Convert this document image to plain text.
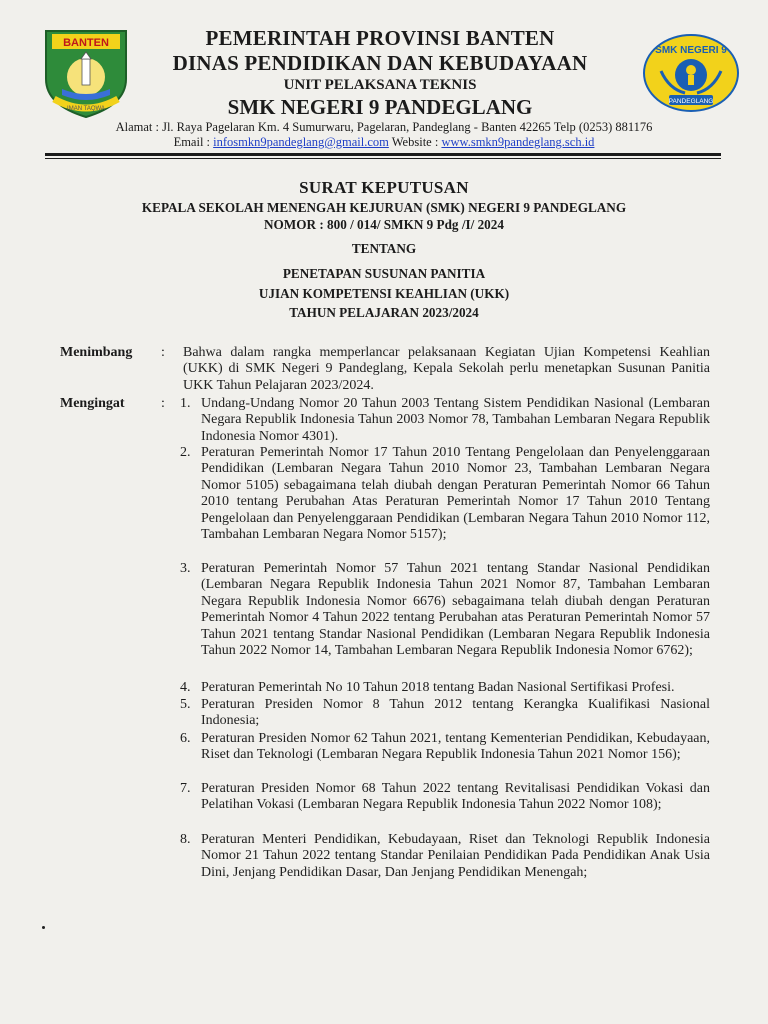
BANTEN
IMAN TAQWA
SMK NEGERI 9
PANDEGLANG
PEMERINTAH PROVINSI BANTEN
DINAS PENDIDIKAN DAN KEBUDAYAAN
UNIT PELAKSANA TEKNIS
SMK NEGERI 9 PANDEGLANG
Alamat : Jl. Raya Pagelaran Km. 4 Sumurwaru, Pagelaran, Pandeglang - Banten 42265 Telp (0253) 881176
Email : infosmkn9pandeglang@gmail.com Website : www.smkn9pandeglang.sch.id
SURAT KEPUTUSAN
KEPALA SEKOLAH MENENGAH KEJURUAN (SMK) NEGERI 9 PANDEGLANG
NOMOR : 800 / 014/ SMKN 9 Pdg /I/ 2024
TENTANG
PENETAPAN SUSUNAN PANITIA
UJIAN KOMPETENSI KEAHLIAN (UKK)
TAHUN PELAJARAN 2023/2024
Menimbang : Bahwa dalam rangka memperlancar pelaksanaan Kegiatan Ujian Kompetensi Keahlian (UKK) di SMK Negeri 9 Pandeglang, Kepala Sekolah perlu menetapkan Susunan Panitia UKK Tahun Pelajaran 2023/2024.
Mengingat	: 1. Undang-Undang Nomor 20 Tahun 2003 Tentang Sistem Pendidikan Nasional (Lembaran Negara Republik Indonesia Tahun 2003 Nomor 78, Tambahan Lembaran Negara Republik Indonesia Nomor 4301).
2. Peraturan Pemerintah Nomor 17 Tahun 2010 Tentang Pengelolaan dan Penyelenggaraan Pendidikan (Lembaran Negara Tahun 2010 Nomor 23, Tambahan Lembaran Negara Nomor 5105) sebagaimana telah diubah dengan Peraturan Pemerintah Nomor 66 Tahun 2010 tentang Perubahan Atas Peraturan Pemerintah Nomor 17 Tahun 2010 Tentang Pengelolaan dan Penyelenggaraan Pendidikan (Lembaran Negara Tahun 2010 Nomor 112, Tambahan Lembaran Negara Nomor 5157);
3. Peraturan Pemerintah Nomor 57 Tahun 2021 tentang Standar Nasional Pendidikan (Lembaran Negara Republik Indonesia Tahun 2021 Nomor 87, Tambahan Lembaran Negara Republik Indonesia Nomor 6676) sebagaimana telah diubah dengan Peraturan Pemerintah Nomor 4 Tahun 2022 tentang Perubahan atas Peraturan Pemerintah Nomor 57 Tahun 2021 tentang Standar Nasional Pendidikan (Lembaran Negara Republik Indonesia Tahun 2022 Nomor 14, Tambahan Lembaran Negara Republik Indonesia Nomor 6762);
4. Peraturan Pemerintah No 10 Tahun 2018 tentang Badan Nasional Sertifikasi Profesi.
5. Peraturan Presiden Nomor 8 Tahun 2012 tentang Kerangka Kualifikasi Nasional Indonesia;
6. Peraturan Presiden Nomor 62 Tahun 2021, tentang Kementerian Pendidikan, Kebudayaan, Riset dan Teknologi (Lembaran Negara Republik Indonesia Tahun 2021 Nomor 156);
7. Peraturan Presiden Nomor 68 Tahun 2022 tentang Revitalisasi Pendidikan Vokasi dan Pelatihan Vokasi (Lembaran Negara Republik Indonesia Tahun 2022 Nomor 108);
8. Peraturan Menteri Pendidikan, Kebudayaan, Riset dan Teknologi Republik Indonesia Nomor 21 Tahun 2022 tentang Standar Penilaian Pendidikan Pada Pendidikan Anak Usia Dini, Jenjang Pendidikan Dasar, Dan Jenjang Pendidikan Menengah;
